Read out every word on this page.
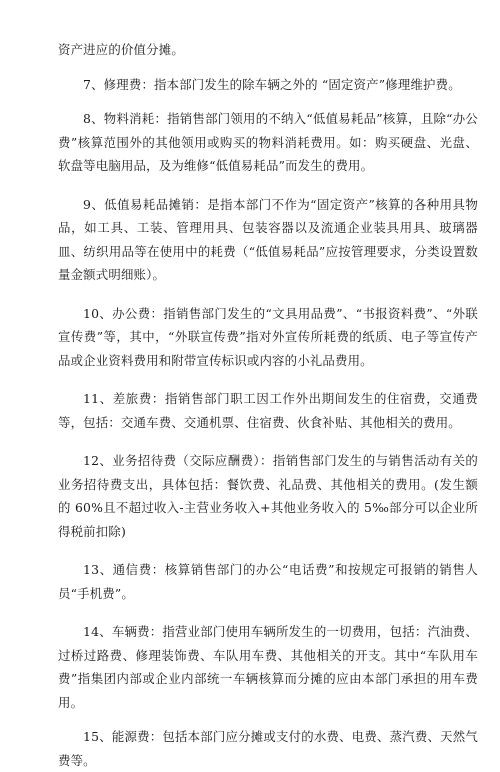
资产进应的价值分摊。

7、修理费：指本部门发生的除车辆之外的 “固定资产”修理维护费。

8、物料消耗：指销售部门领用的不纳入“低值易耗品”核算，且除“办公费”核算范围外的其他领用或购买的物料消耗费用。如：购买硬盘、光盘、软盘等电脑用品，及为维修“低值易耗品”而发生的费用。

9、低值易耗品摊销：是指本部门不作为“固定资产”核算的各种用具物品，如工具、工装、管理用具、包装容器以及流通企业装具用具、玻璃器皿、纺织用品等在使用中的耗费（“低值易耗品”应按管理要求，分类设置数量金额式明细账）。

10、办公费：指销售部门发生的“文具用品费”、“书报资料费”、“外联宣传费”等，其中，“外联宣传费”指对外宣传所耗费的纸质、电子等宣传产品或企业资料费用和附带宣传标识或内容的小礼品费用。

11、差旅费：指销售部门职工因工作外出期间发生的住宿费，交通费等，包括：交通车费、交通机票、住宿费、伙食补贴、其他相关的费用。

12、业务招待费（交际应酬费）：指销售部门发生的与销售活动有关的业务招待费支出，具体包括：餐饮费、礼品费、其他相关的费用。(发生额的 60%且不超过收入-主营业务收入+其他业务收入的 5‰部分可以企业所得税前扣除)

13、通信费：核算销售部门的办公“电话费”和按规定可报销的销售人员“手机费”。

14、车辆费：指营业部门使用车辆所发生的一切费用，包括：汽油费、过桥过路费、修理装饰费、车队用车费、其他相关的开支。其中“车队用车费”指集团内部或企业内部统一车辆核算而分摊的应由本部门承担的用车费用。

15、能源费：包括本部门应分摊或支付的水费、电费、蒸汽费、天然气费等。
